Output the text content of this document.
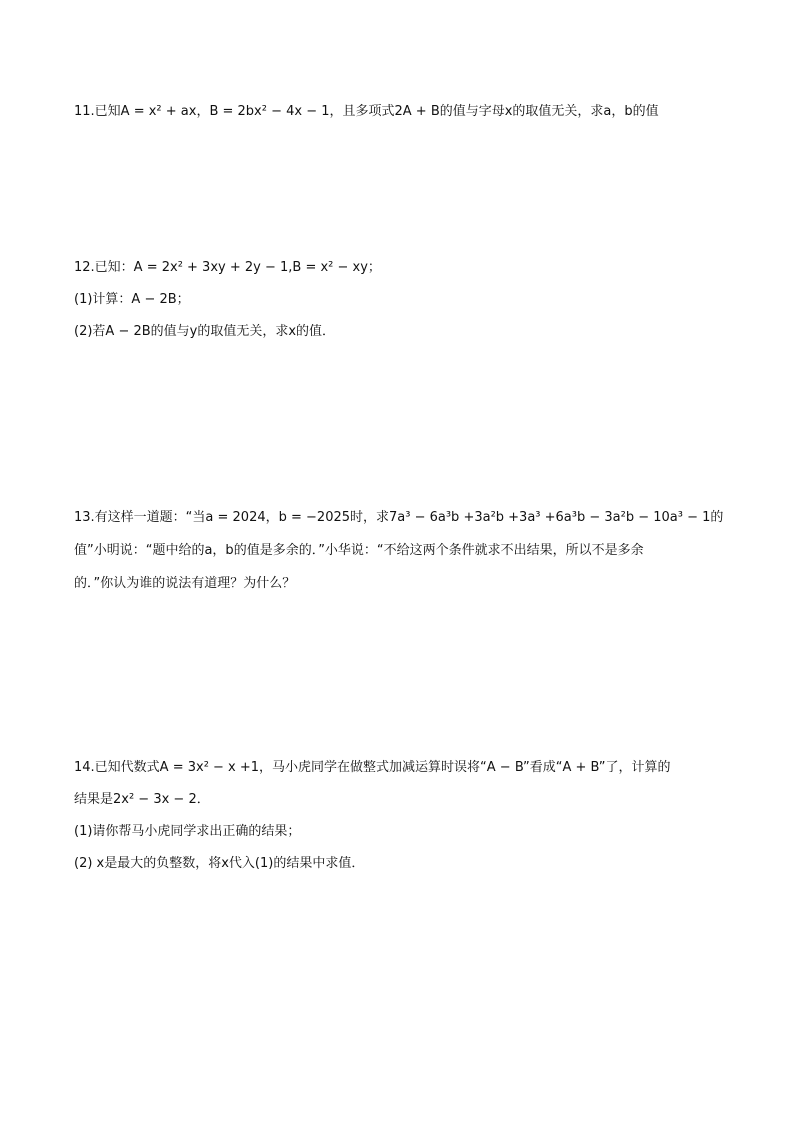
11.已知A = x² + ax，B = 2bx² − 4x − 1，且多项式2A + B的值与字母x的取值无关，求a，b的值
12.已知：A = 2x² + 3xy + 2y − 1,B = x² − xy；
(1)计算：A − 2B；
(2)若A − 2B的值与y的取值无关，求x的值．
13.有这样一道题：“当a = 2024，b = −2025时，求7a³ − 6a³b +3a²b +3a³ +6a³b − 3a²b − 10a³ − 1的
值”小明说：“题中给的a，b的值是多余的．”小华说：“不给这两个条件就求不出结果，所以不是多余
的．”你认为谁的说法有道理？为什么？
14.已知代数式A = 3x² − x +1，马小虎同学在做整式加减运算时误将“A − B”看成“A + B”了，计算的
结果是2x² − 3x − 2．
(1)请你帮马小虎同学求出正确的结果；
(2) x是最大的负整数，将x代入(1)的结果中求值．
